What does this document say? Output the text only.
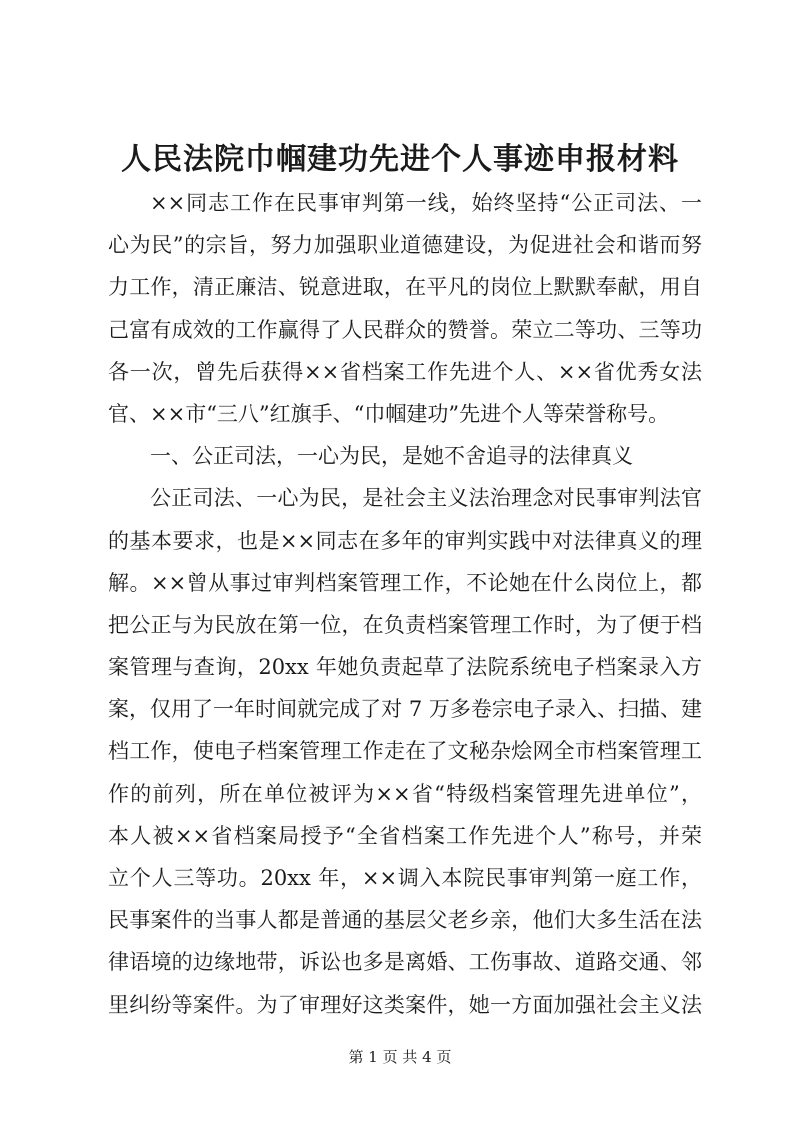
人民法院巾帼建功先进个人事迹申报材料
××同志工作在民事审判第一线，始终坚持“公正司法、一
心为民”的宗旨，努力加强职业道德建设，为促进社会和谐而努
力工作，清正廉洁、锐意进取，在平凡的岗位上默默奉献，用自
己富有成效的工作赢得了人民群众的赞誉。荣立二等功、三等功
各一次，曾先后获得××省档案工作先进个人、××省优秀女法
官、××市“三八”红旗手、“巾帼建功”先进个人等荣誉称号。
一、公正司法，一心为民，是她不舍追寻的法律真义
公正司法、一心为民，是社会主义法治理念对民事审判法官
的基本要求，也是××同志在多年的审判实践中对法律真义的理
解。××曾从事过审判档案管理工作，不论她在什么岗位上，都
把公正与为民放在第一位，在负责档案管理工作时，为了便于档
案管理与查询，20xx 年她负责起草了法院系统电子档案录入方
案，仅用了一年时间就完成了对 7 万多卷宗电子录入、扫描、建
档工作，使电子档案管理工作走在了文秘杂烩网全市档案管理工
作的前列，所在单位被评为××省“特级档案管理先进单位”，
本人被××省档案局授予“全省档案工作先进个人”称号，并荣
立个人三等功。20xx 年，××调入本院民事审判第一庭工作，
民事案件的当事人都是普通的基层父老乡亲，他们大多生活在法
律语境的边缘地带，诉讼也多是离婚、工伤事故、道路交通、邻
里纠纷等案件。为了审理好这类案件，她一方面加强社会主义法
第 1 页 共 4 页
